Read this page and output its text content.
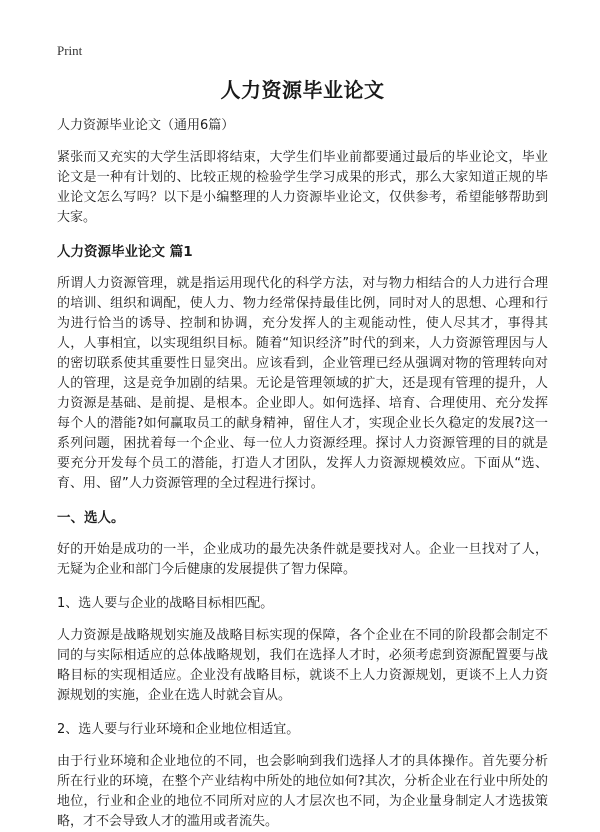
Print
人力资源毕业论文

人力资源毕业论文（通用6篇）

紧张而又充实的大学生活即将结束，大学生们毕业前都要通过最后的毕业论文，毕业论文是一种有计划的、比较正规的检验学生学习成果的形式，那么大家知道正规的毕业论文怎么写吗？以下是小编整理的人力资源毕业论文，仅供参考，希望能够帮助到大家。

人力资源毕业论文 篇1

所谓人力资源管理，就是指运用现代化的科学方法，对与物力相结合的人力进行合理的培训、组织和调配，使人力、物力经常保持最佳比例，同时对人的思想、心理和行为进行恰当的诱导、控制和协调，充分发挥人的主观能动性，使人尽其才，事得其人，人事相宜，以实现组织目标。随着“知识经济”时代的到来，人力资源管理因与人的密切联系使其重要性日显突出。应该看到，企业管理已经从强调对物的管理转向对人的管理，这是竞争加剧的结果。无论是管理领域的扩大，还是现有管理的提升，人力资源是基础、是前提、是根本。企业即人。如何选择、培育、合理使用、充分发挥每个人的潜能?如何赢取员工的献身精神，留住人才，实现企业长久稳定的发展?这一系列问题，困扰着每一个企业、每一位人力资源经理。探讨人力资源管理的目的就是要充分开发每个员工的潜能，打造人才团队，发挥人力资源规模效应。下面从“选、育、用、留”人力资源管理的全过程进行探讨。

一、选人。

好的开始是成功的一半，企业成功的最先决条件就是要找对人。企业一旦找对了人，无疑为企业和部门今后健康的发展提供了智力保障。

1、选人要与企业的战略目标相匹配。

人力资源是战略规划实施及战略目标实现的保障，各个企业在不同的阶段都会制定不同的与实际相适应的总体战略规划，我们在选择人才时，必须考虑到资源配置要与战略目标的实现相适应。企业没有战略目标，就谈不上人力资源规划，更谈不上人力资源规划的实施，企业在选人时就会盲从。

2、选人要与行业环境和企业地位相适宜。

由于行业环境和企业地位的不同，也会影响到我们选择人才的具体操作。首先要分析所在行业的环境，在整个产业结构中所处的地位如何?其次，分析企业在行业中所处的地位，行业和企业的地位不同所对应的人才层次也不同，为企业量身制定人才选拔策略，才不会导致人才的滥用或者流失。
